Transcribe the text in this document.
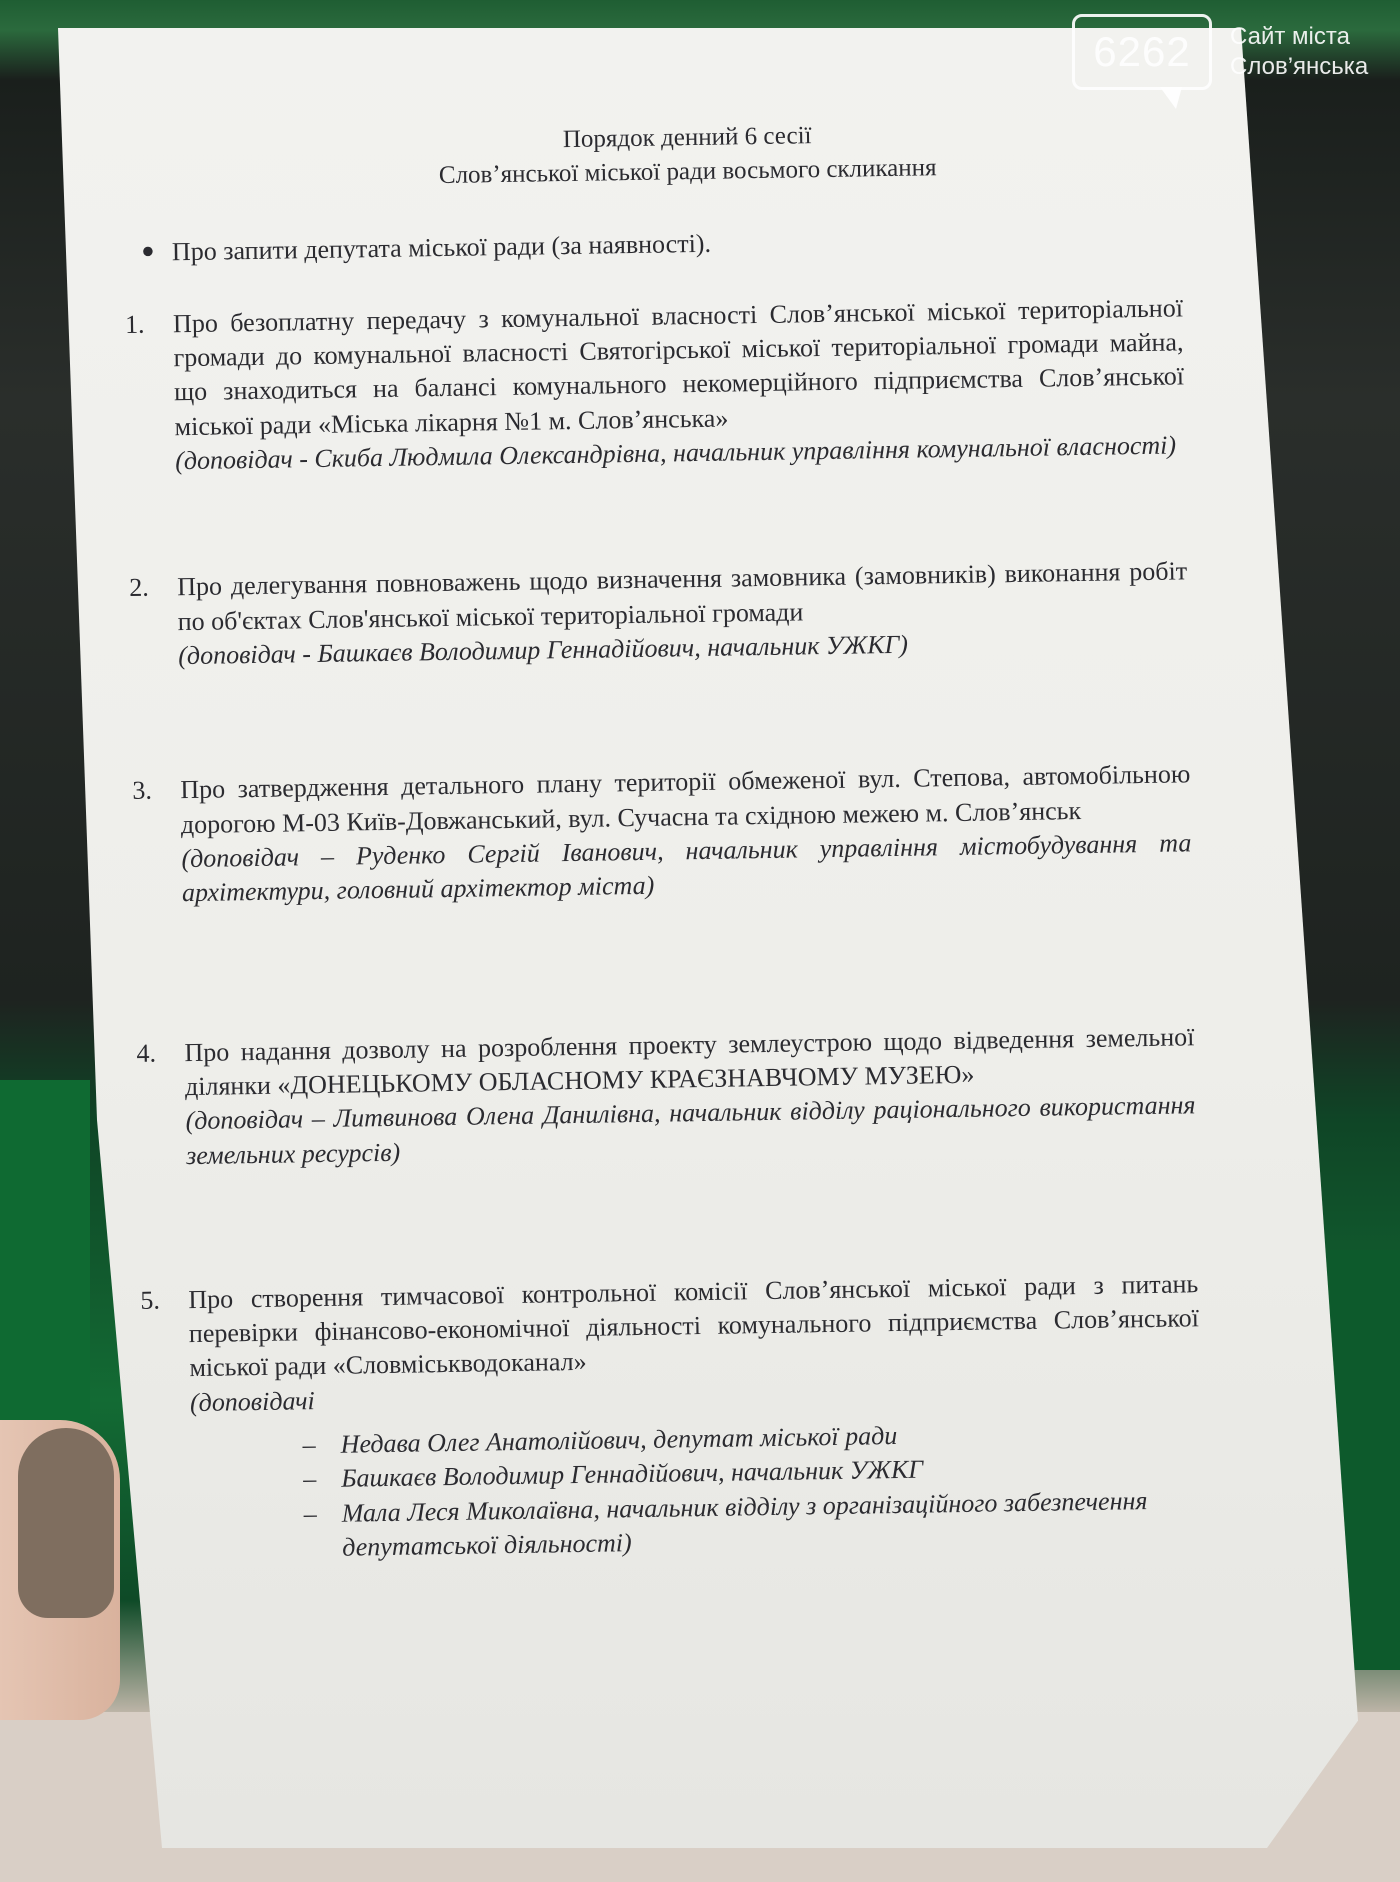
Порядок денний 6 сесії
Слов’янської міської ради восьмого скликання
● Про запити депутата міської ради (за наявності).
1.	Про безоплатну передачу з комунальної власності Слов’янської міської територіальної громади до комунальної власності Святогірської міської територіальної громади майна, що знаходиться на балансі комунального некомерційного підприємства Слов’янської міської ради «Міська лікарня №1 м. Слов’янська»
(доповідач - Скиба Людмила Олександрівна, начальник управління комунальної власності)
2.	Про делегування повноважень щодо визначення замовника (замовників) виконання робіт по об'єктах Слов'янської міської територіальної громади
(доповідач - Башкаєв Володимир Геннадійович, начальник УЖКГ)
3.	Про затвердження детального плану території обмеженої вул. Степова, автомобільною дорогою М-03 Київ-Довжанський, вул. Сучасна та східною межею м. Слов’янськ
(доповідач – Руденко Сергій Іванович, начальник управління містобудування та архітектури, головний архітектор міста)
4.	Про надання дозволу на розроблення проекту землеустрою щодо відведення земельної ділянки «ДОНЕЦЬКОМУ ОБЛАСНОМУ КРАЄЗНАВЧОМУ МУЗЕЮ»
(доповідач – Литвинова Олена Данилівна, начальник відділу раціонального використання земельних ресурсів)
5.	Про створення тимчасової контрольної комісії Слов’янської міської ради з питань перевірки фінансово-економічної діяльності комунального підприємства Слов’янської міської ради «Словміськводоканал»
(доповідачі
– Недава Олег Анатолійович, депутат міської ради
– Башкаєв Володимир Геннадійович, начальник УЖКГ
– Мала Леся Миколаївна, начальник відділу з організаційного забезпечення депутатської діяльності)
6262	Сайт міста
Слов’янська
